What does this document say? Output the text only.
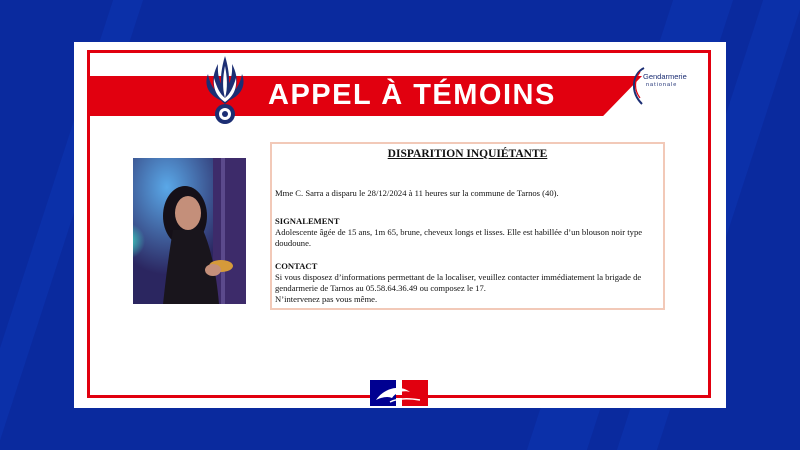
APPEL À TÉMOINS
Gendarmerie
nationale
DISPARITION INQUIÉTANTE
Mme C. Sarra a disparu le 28/12/2024 à 11 heures sur la commune de Tarnos (40).
SIGNALEMENT
Adolescente âgée de 15 ans, 1m 65, brune, cheveux longs et lisses. Elle est habillée d’un blouson noir type doudoune.
CONTACT
Si vous disposez d’informations permettant de la localiser, veuillez contacter immédiatement la brigade de gendarmerie de Tarnos au 05.58.64.36.49 ou composez le 17.
N’intervenez pas vous même.
